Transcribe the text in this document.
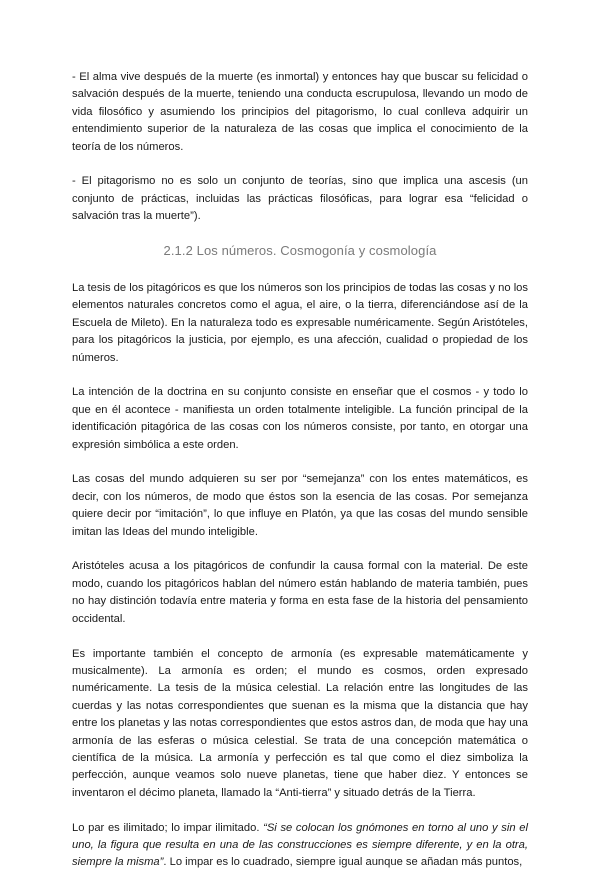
- El alma vive después de la muerte (es inmortal) y entonces hay que buscar su felicidad o salvación después de la muerte, teniendo una conducta escrupulosa, llevando un modo de vida filosófico y asumiendo los principios del pitagorismo, lo cual conlleva adquirir un entendimiento superior de la naturaleza de las cosas que implica el conocimiento de la teoría de los números.

- El pitagorismo no es solo un conjunto de teorías, sino que implica una ascesis (un conjunto de prácticas, incluidas las prácticas filosóficas, para lograr esa “felicidad o salvación tras la muerte”).

2.1.2 Los números. Cosmogonía y cosmología

La tesis de los pitagóricos es que los números son los principios de todas las cosas y no los elementos naturales concretos como el agua, el aire, o la tierra, diferenciándose así de la Escuela de Mileto). En la naturaleza todo es expresable numéricamente. Según Aristóteles, para los pitagóricos la justicia, por ejemplo, es una afección, cualidad o propiedad de los números.

La intención de la doctrina en su conjunto consiste en enseñar que el cosmos - y todo lo que en él acontece - manifiesta un orden totalmente inteligible. La función principal de la identificación pitagórica de las cosas con los números consiste, por tanto, en otorgar una expresión simbólica a este orden.

Las cosas del mundo adquieren su ser por “semejanza” con los entes matemáticos, es decir, con los números, de modo que éstos son la esencia de las cosas. Por semejanza quiere decir por “imitación”, lo que influye en Platón, ya que las cosas del mundo sensible imitan las Ideas del mundo inteligible.

Aristóteles acusa a los pitagóricos de confundir la causa formal con la material. De este modo, cuando los pitagóricos hablan del número están hablando de materia también, pues no hay distinción todavía entre materia y forma en esta fase de la historia del pensamiento occidental.

Es importante también el concepto de armonía (es expresable matemáticamente y musicalmente). La armonía es orden; el mundo es cosmos, orden expresado numéricamente. La tesis de la música celestial. La relación entre las longitudes de las cuerdas y las notas correspondientes que suenan es la misma que la distancia que hay entre los planetas y las notas correspondientes que estos astros dan, de moda que hay una armonía de las esferas o música celestial. Se trata de una concepción matemática o científica de la música. La armonía y perfección es tal que como el diez simboliza la perfección, aunque veamos solo nueve planetas, tiene que haber diez. Y entonces se inventaron el décimo planeta, llamado la “Anti-tierra” y situado detrás de la Tierra.

Lo par es ilimitado; lo impar ilimitado. “Si se colocan los gnómones en torno al uno y sin el uno, la figura que resulta en una de las construcciones es siempre diferente, y en la otra, siempre la misma”. Lo impar es lo cuadrado, siempre igual aunque se añadan más puntos,
